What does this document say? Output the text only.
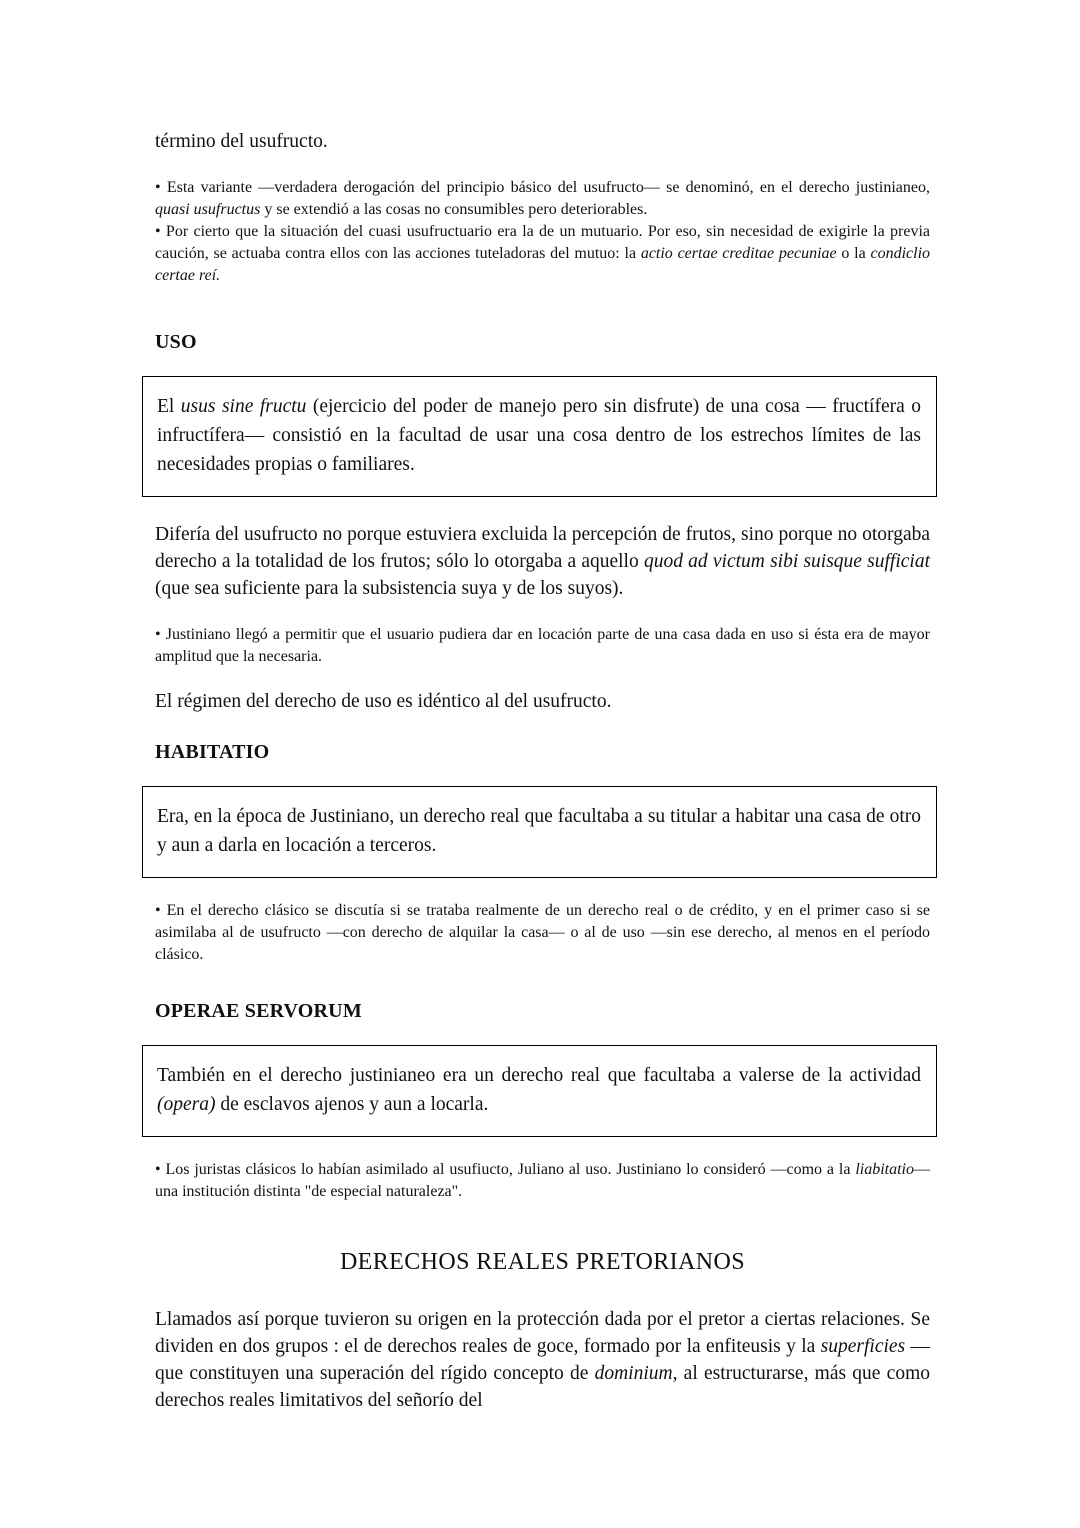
término del usufructo.

• Esta variante —verdadera derogación del principio básico del usufructo— se denominó, en el derecho justinianeo, quasi usufructus y se extendió a las cosas no consumibles pero deteriorables.

• Por cierto que la situación del cuasi usufructuario era la de un mutuario. Por eso, sin necesidad de exigirle la previa caución, se actuaba contra ellos con las acciones tuteladoras del mutuo: la actio certae creditae pecuniae o la condiclio certae reí.

USO

El usus sine fructu (ejercicio del poder de manejo pero sin disfrute) de una cosa — fructífera o infructífera— consistió en la facultad de usar una cosa dentro de los estrechos límites de las necesidades propias o familiares.

Difería del usufructo no porque estuviera excluida la percepción de frutos, sino porque no otorgaba derecho a la totalidad de los frutos; sólo lo otorgaba a aquello quod ad victum sibi suisque sufficiat (que sea suficiente para la subsistencia suya y de los suyos).

• Justiniano llegó a permitir que el usuario pudiera dar en locación parte de una casa dada en uso si ésta era de mayor amplitud que la necesaria.

El régimen del derecho de uso es idéntico al del usufructo.

HABITATIO

Era, en la época de Justiniano, un derecho real que facultaba a su titular a habitar una casa de otro y aun a darla en locación a terceros.

• En el derecho clásico se discutía si se trataba realmente de un derecho real o de crédito, y en el primer caso si se asimilaba al de usufructo —con derecho de alquilar la casa— o al de uso —sin ese derecho, al menos en el período clásico.

OPERAE SERVORUM

También en el derecho justinianeo era un derecho real que facultaba a valerse de la actividad (opera) de esclavos ajenos y aun a locarla.

• Los juristas clásicos lo habían asimilado al usufiucto, Juliano al uso. Justiniano lo consideró —como a la liabitatio— una institución distinta "de especial naturaleza".

DERECHOS REALES PRETORIANOS

Llamados así porque tuvieron su origen en la protección dada por el pretor a ciertas relaciones. Se dividen en dos grupos : el de derechos reales de goce, formado por la enfiteusis y la superficies —que constituyen una superación del rígido concepto de dominium, al estructurarse, más que como derechos reales limitativos del señorío del
